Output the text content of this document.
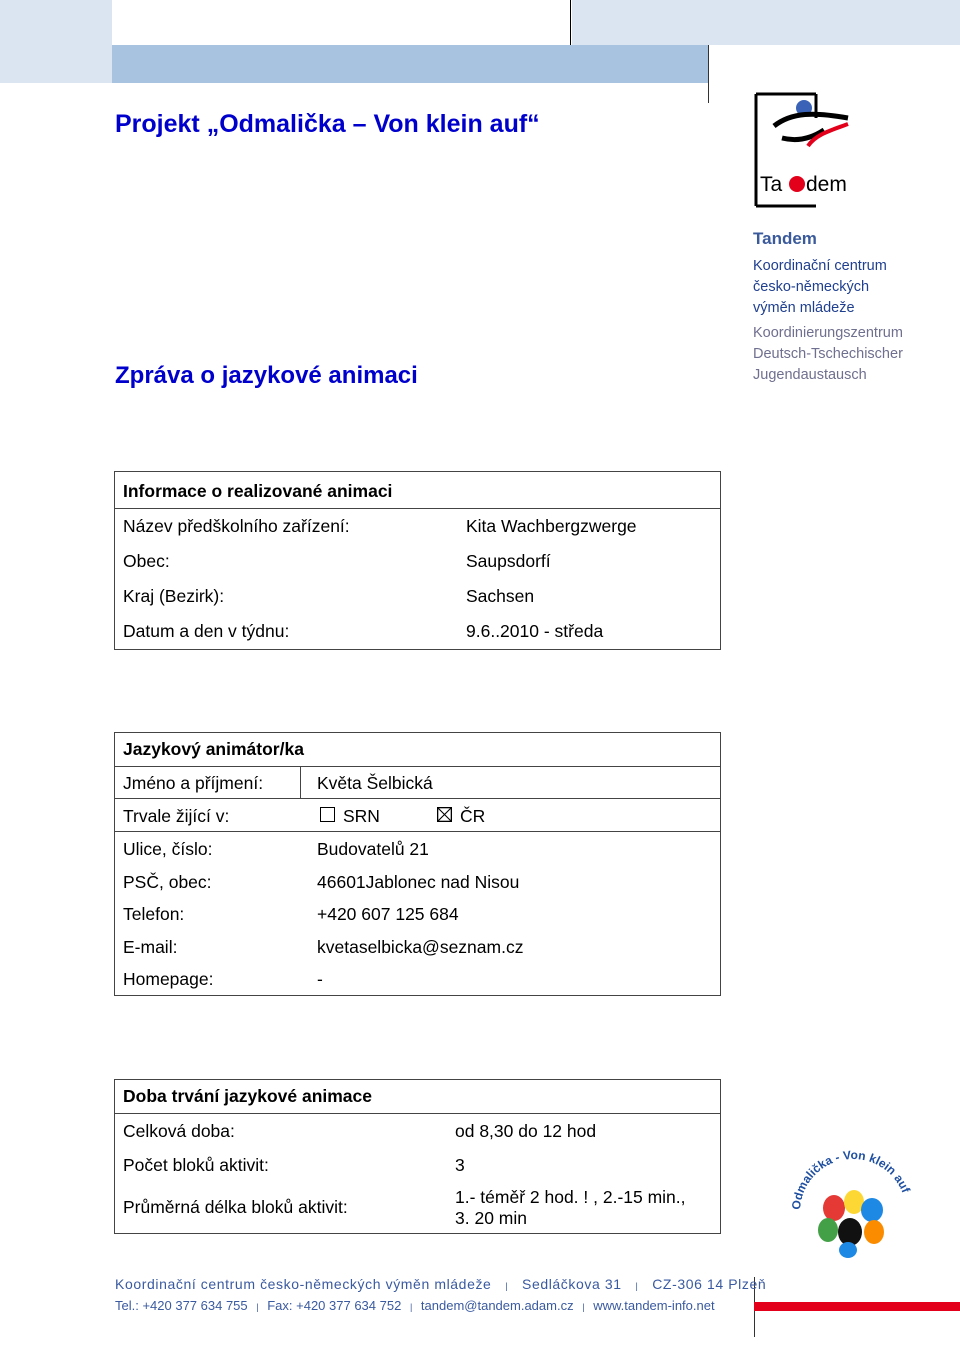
Projekt „Odmalička – Von klein auf“
Zpráva o jazykové animaci
Ta dem
Tandem
Koordinační centrum
česko-německých
výměn mládeže
Koordinierungszentrum
Deutsch-Tschechischer
Jugendaustausch
Informace o realizované animaci
Název předškolního zařízení:	Kita Wachbergzwerge
Obec:	Saupsdorfí
Kraj (Bezirk):	Sachsen
Datum a den v týdnu:	9.6..2010 - středa
Jazykový animátor/ka
Jméno a příjmení:	Květa Šelbická
Trvale žijící v:	SRN	ČR
Ulice, číslo:	Budovatelů 21
PSČ, obec:	46601Jablonec nad Nisou
Telefon:	+420 607 125 684
E-mail:	kvetaselbicka@seznam.cz
Homepage:	-
Doba trvání jazykové animace
Celková doba:	od 8,30 do 12 hod
Počet bloků aktivit:	3
Průměrná délka bloků aktivit:	1.- téměř 2 hod. ! , 2.-15 min.,
3. 20 min
Odmalička - Von klein auf
Koordinační centrum česko-německých výměn mládeže    |    Sedláčkova 31    |    CZ-306 14 Plzeň
Tel.: +420 377 634 755   |   Fax: +420 377 634 752   |   tandem@tandem.adam.cz   |   www.tandem-info.net
